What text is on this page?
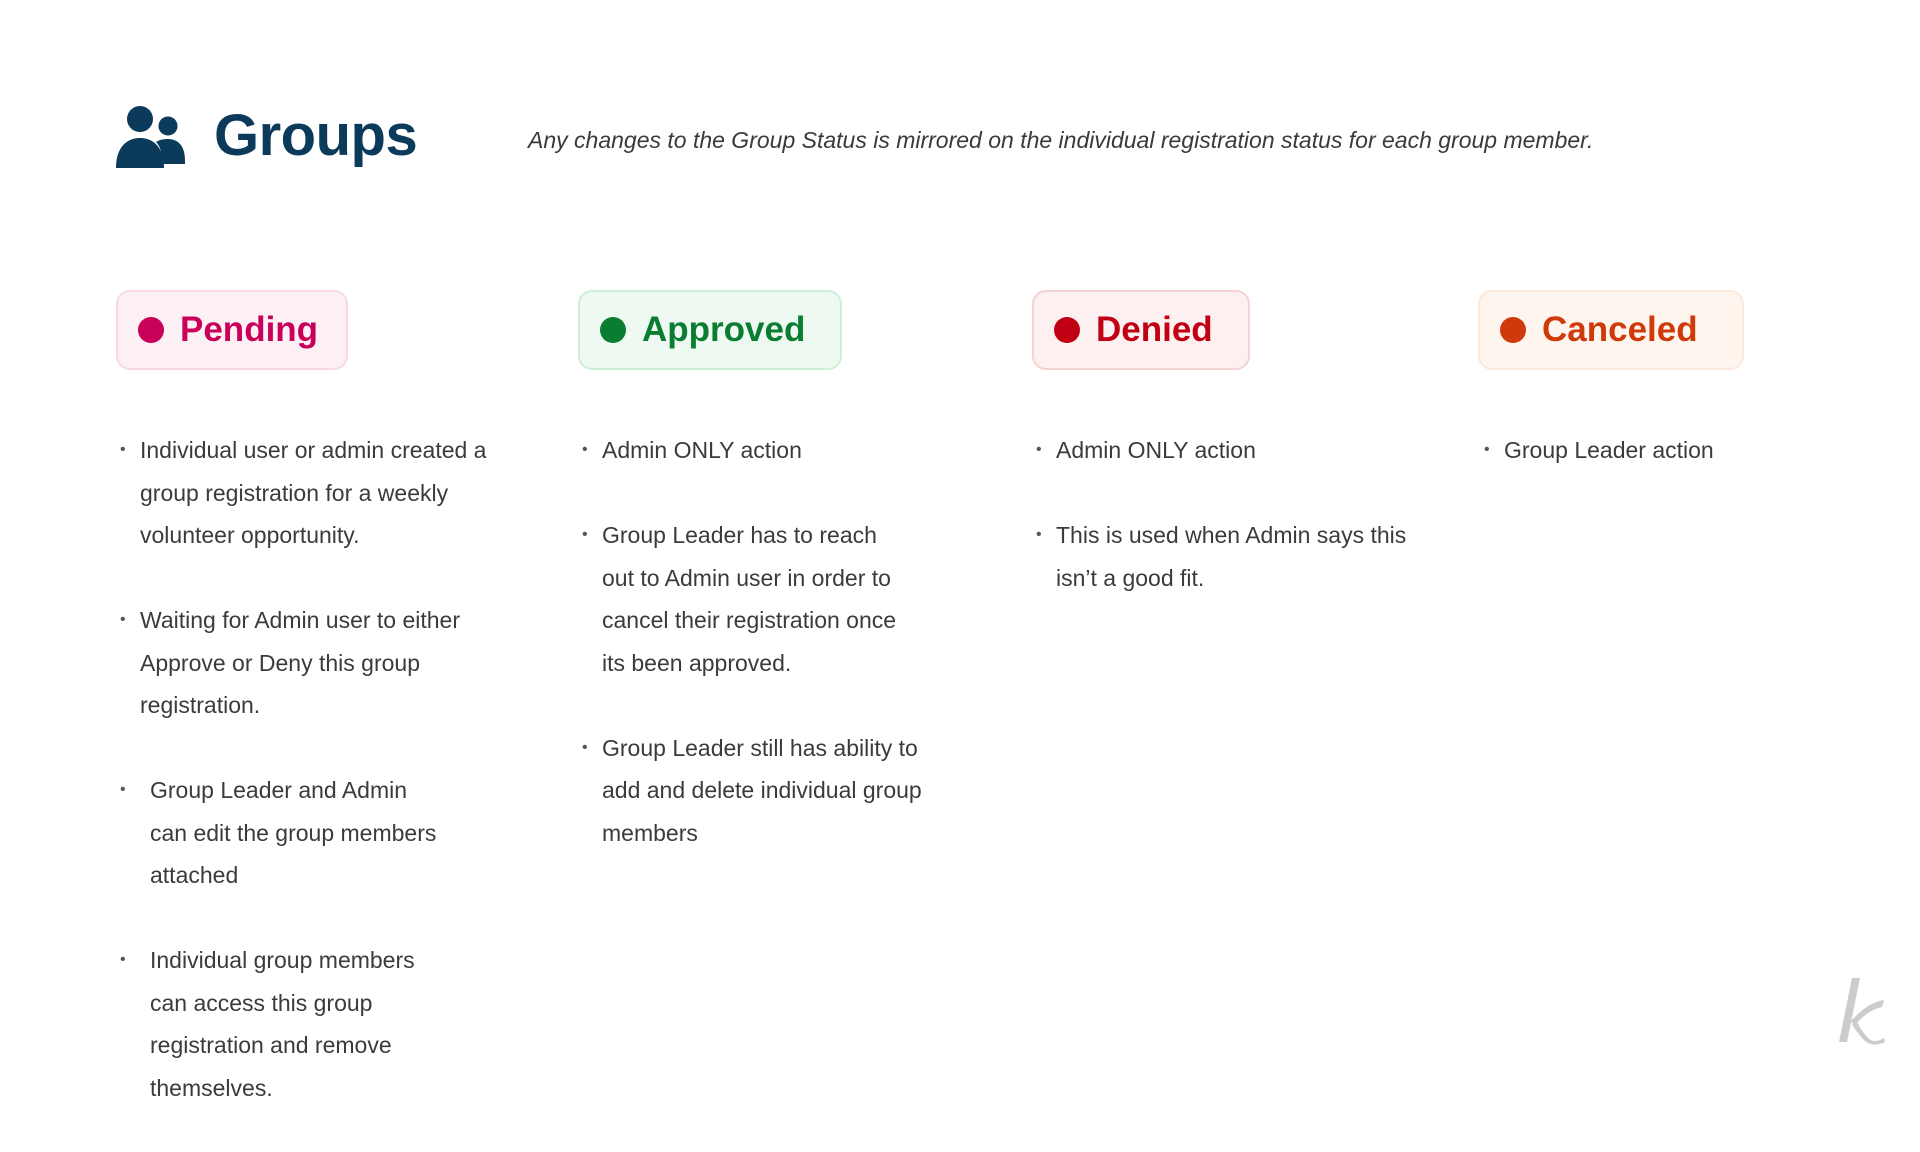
Groups	Any changes to the Group Status is mirrored on the individual registration status for each group member.
Pending
• Individual user or admin created a group registration for a weekly volunteer opportunity.
• Waiting for Admin user to either Approve or Deny this group registration.
• Group Leader and Admin can edit the group members attached
• Individual group members can access this group registration and remove themselves.
Approved
• Admin ONLY action
• Group Leader has to reach out to Admin user in order to cancel their registration once its been approved.
• Group Leader still has ability to add and delete individual group members
Denied
• Admin ONLY action
• This is used when Admin says this isn’t a good fit.
Canceled
• Group Leader action
